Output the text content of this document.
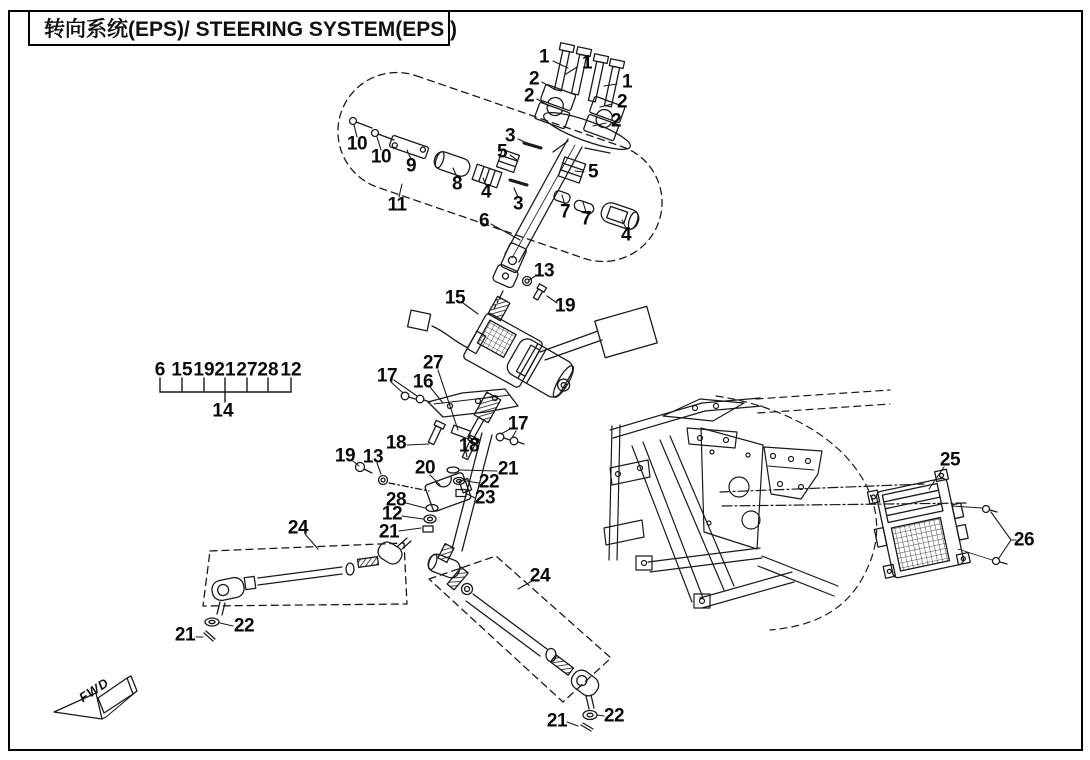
转向系统(EPS)/ STEERING SYSTEM(EPS )
1 1
1
2
2	2
2
3
5
10
10 9
8 4
11	3
6
5
7 7
4
13
19
15
27
17 16
17
18	18
19 13
20	21
22
23
28
12
21
24
24
22
21
25
26
22
21
6 15 19 21 27 28 12
14
FWD
